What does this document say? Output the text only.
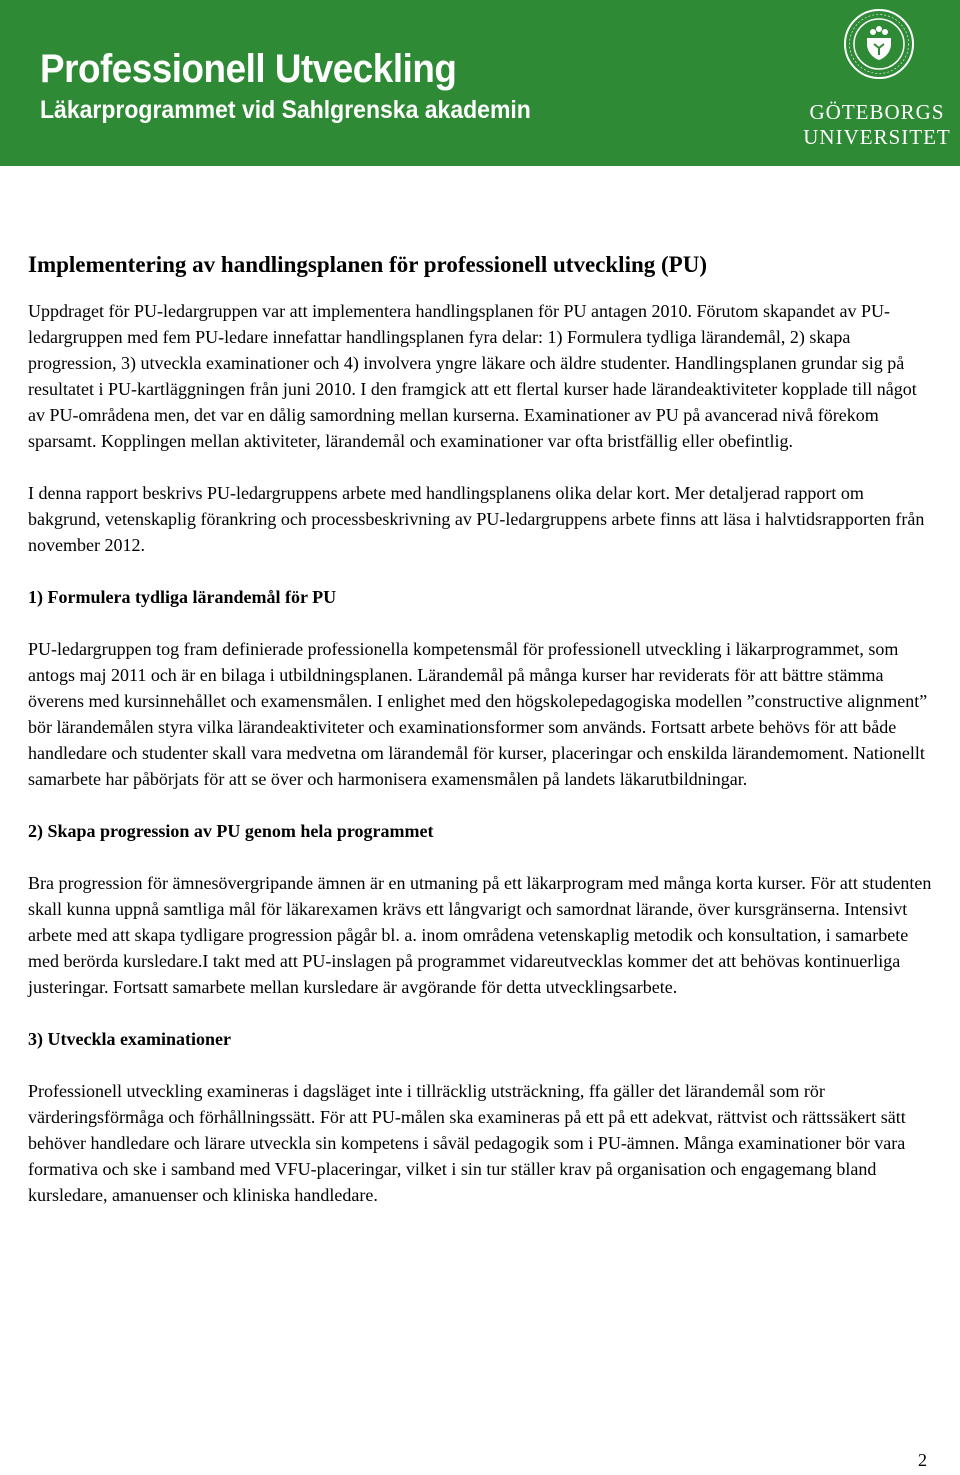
Professionell Utveckling
Läkarprogrammet vid Sahlgrenska akademin	GÖTEBORGS
UNIVERSITET
Implementering av handlingsplanen för professionell utveckling (PU)

Uppdraget för PU-ledargruppen var att implementera handlingsplanen för PU antagen 2010. Förutom skapandet av PU-ledargruppen med fem PU-ledare innefattar handlingsplanen fyra delar: 1) Formulera tydliga lärandemål, 2) skapa progression, 3) utveckla examinationer och 4) involvera yngre läkare och äldre studenter. Handlingsplanen grundar sig på resultatet i PU-kartläggningen från juni 2010. I den framgick att ett flertal kurser hade lärandeaktiviteter kopplade till något av PU-områdena men, det var en dålig samordning mellan kurserna. Examinationer av PU på avancerad nivå förekom sparsamt. Kopplingen mellan aktiviteter, lärandemål och examinationer var ofta bristfällig eller obefintlig.

I denna rapport beskrivs PU-ledargruppens arbete med handlingsplanens olika delar kort. Mer detaljerad rapport om bakgrund, vetenskaplig förankring och processbeskrivning av PU-ledargruppens arbete finns att läsa i halvtidsrapporten från november 2012.

1) Formulera tydliga lärandemål för PU

PU-ledargruppen tog fram definierade professionella kompetensmål för professionell utveckling i läkarprogrammet, som antogs maj 2011 och är en bilaga i utbildningsplanen. Lärandemål på många kurser har reviderats för att bättre stämma överens med kursinnehållet och examensmålen. I enlighet med den högskolepedagogiska modellen ”constructive alignment” bör lärandemålen styra vilka lärandeaktiviteter och examinationsformer som används. Fortsatt arbete behövs för att både handledare och studenter skall vara medvetna om lärandemål för kurser, placeringar och enskilda lärandemoment. Nationellt samarbete har påbörjats för att se över och harmonisera examensmålen på landets läkarutbildningar.

2) Skapa progression av PU genom hela programmet

Bra progression för ämnesövergripande ämnen är en utmaning på ett läkarprogram med många korta kurser. För att studenten skall kunna uppnå samtliga mål för läkarexamen krävs ett långvarigt och samordnat lärande, över kursgränserna. Intensivt arbete med att skapa tydligare progression pågår bl. a. inom områdena vetenskaplig metodik och konsultation, i samarbete med berörda kursledare.I takt med att PU-inslagen på programmet vidareutvecklas kommer det att behövas kontinuerliga justeringar. Fortsatt samarbete mellan kursledare är avgörande för detta utvecklingsarbete.

3) Utveckla examinationer

Professionell utveckling examineras i dagsläget inte i tillräcklig utsträckning, ffa gäller det lärandemål som rör värderingsförmåga och förhållningssätt. För att PU-målen ska examineras på ett på ett adekvat, rättvist och rättssäkert sätt behöver handledare och lärare utveckla sin kompetens i såväl pedagogik som i PU-ämnen. Många examinationer bör vara formativa och ske i samband med VFU-placeringar, vilket i sin tur ställer krav på organisation och engagemang bland kursledare, amanuenser och kliniska handledare.

2
